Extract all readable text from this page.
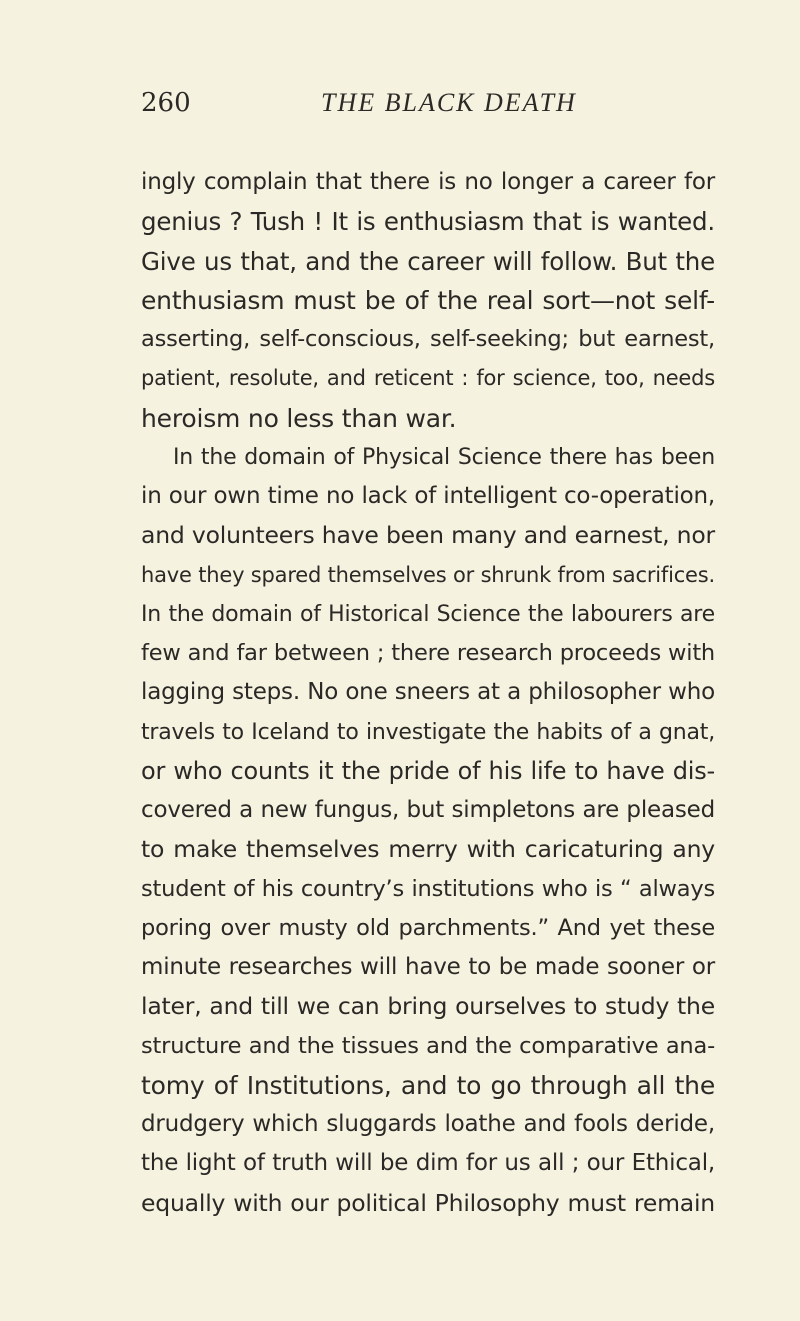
260	THE BLACK DEATH
ingly complain that there is no longer a career for
genius ? Tush ! It is enthusiasm that is wanted.
Give us that, and the career will follow. But the
enthusiasm must be of the real sort—not self-
asserting, self-conscious, self-seeking; but earnest,
patient, resolute, and reticent : for science, too, needs
heroism no less than war.
In the domain of Physical Science there has been
in our own time no lack of intelligent co-operation,
and volunteers have been many and earnest, nor
have they spared themselves or shrunk from sacrifices.
In the domain of Historical Science the labourers are
few and far between ; there research proceeds with
lagging steps. No one sneers at a philosopher who
travels to Iceland to investigate the habits of a gnat,
or who counts it the pride of his life to have dis-
covered a new fungus, but simpletons are pleased
to make themselves merry with caricaturing any
student of his country’s institutions who is “ always
poring over musty old parchments.” And yet these
minute researches will have to be made sooner or
later, and till we can bring ourselves to study the
structure and the tissues and the comparative ana-
tomy of Institutions, and to go through all the
drudgery which sluggards loathe and fools deride,
the light of truth will be dim for us all ; our Ethical,
equally with our political Philosophy must remain
